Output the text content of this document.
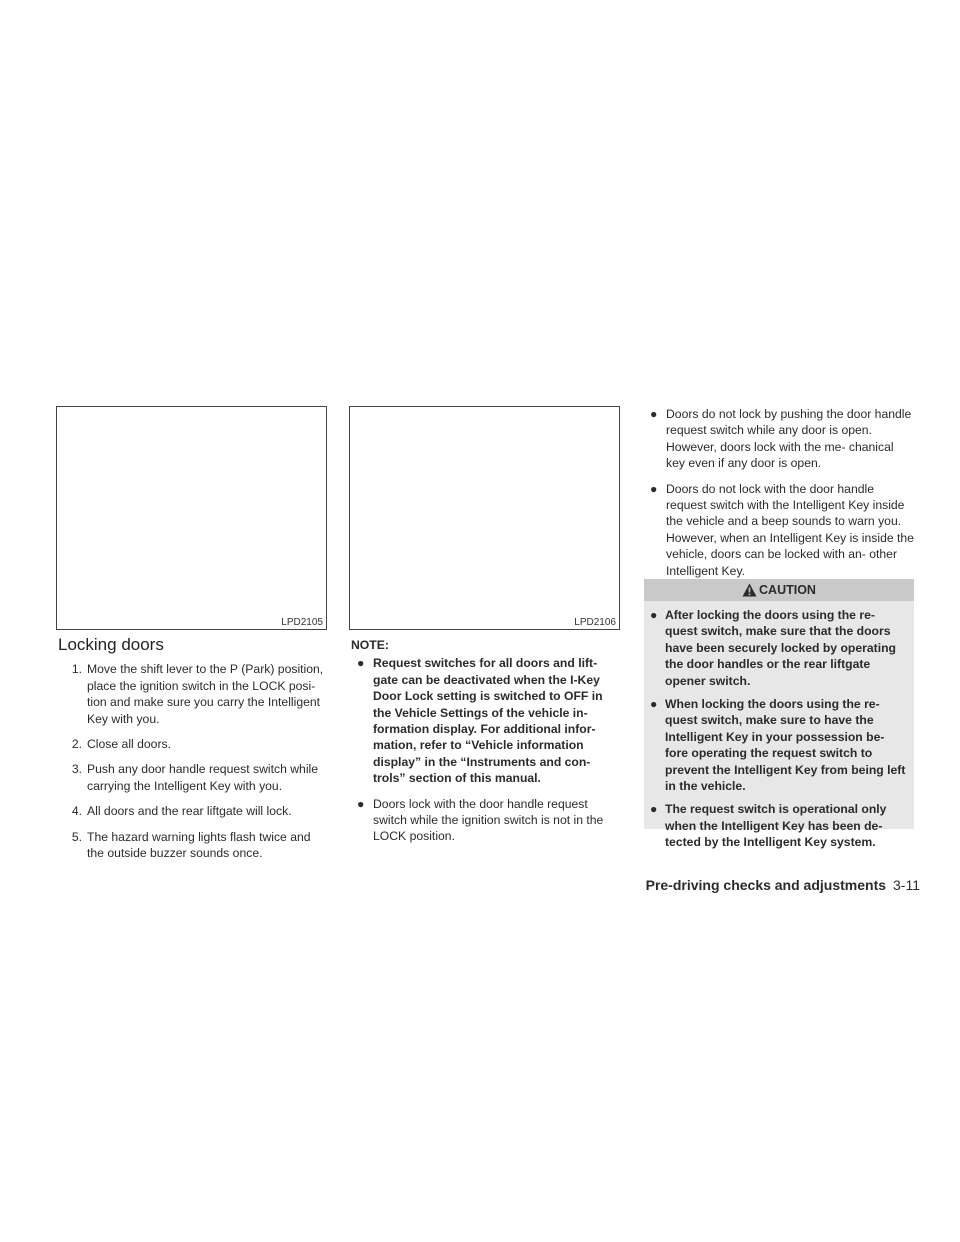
LPD2105	LPD2106
Locking doors
1. Move the shift lever to the P (Park) position, place the ignition switch in the LOCK posi- tion and make sure you carry the Intelligent Key with you.
2. Close all doors.
3. Push any door handle request switch while carrying the Intelligent Key with you.
4. All doors and the rear liftgate will lock.
5. The hazard warning lights flash twice and the outside buzzer sounds once.
NOTE:
● Request switches for all doors and lift- gate can be deactivated when the I-Key Door Lock setting is switched to OFF in the Vehicle Settings of the vehicle in- formation display. For additional infor- mation, refer to “Vehicle information display” in the “Instruments and con- trols” section of this manual.
● Doors lock with the door handle request switch while the ignition switch is not in the LOCK position.
● Doors do not lock by pushing the door handle request switch while any door is open. However, doors lock with the me- chanical key even if any door is open.
● Doors do not lock with the door handle request switch with the Intelligent Key inside the vehicle and a beep sounds to warn you. However, when an Intelligent Key is inside the vehicle, doors can be locked with an- other Intelligent Key.
CAUTION
● After locking the doors using the re- quest switch, make sure that the doors have been securely locked by operating the door handles or the rear liftgate opener switch.
● When locking the doors using the re- quest switch, make sure to have the Intelligent Key in your possession be- fore operating the request switch to prevent the Intelligent Key from being left in the vehicle.
● The request switch is operational only when the Intelligent Key has been de- tected by the Intelligent Key system.
Pre-driving checks and adjustments 3-11
